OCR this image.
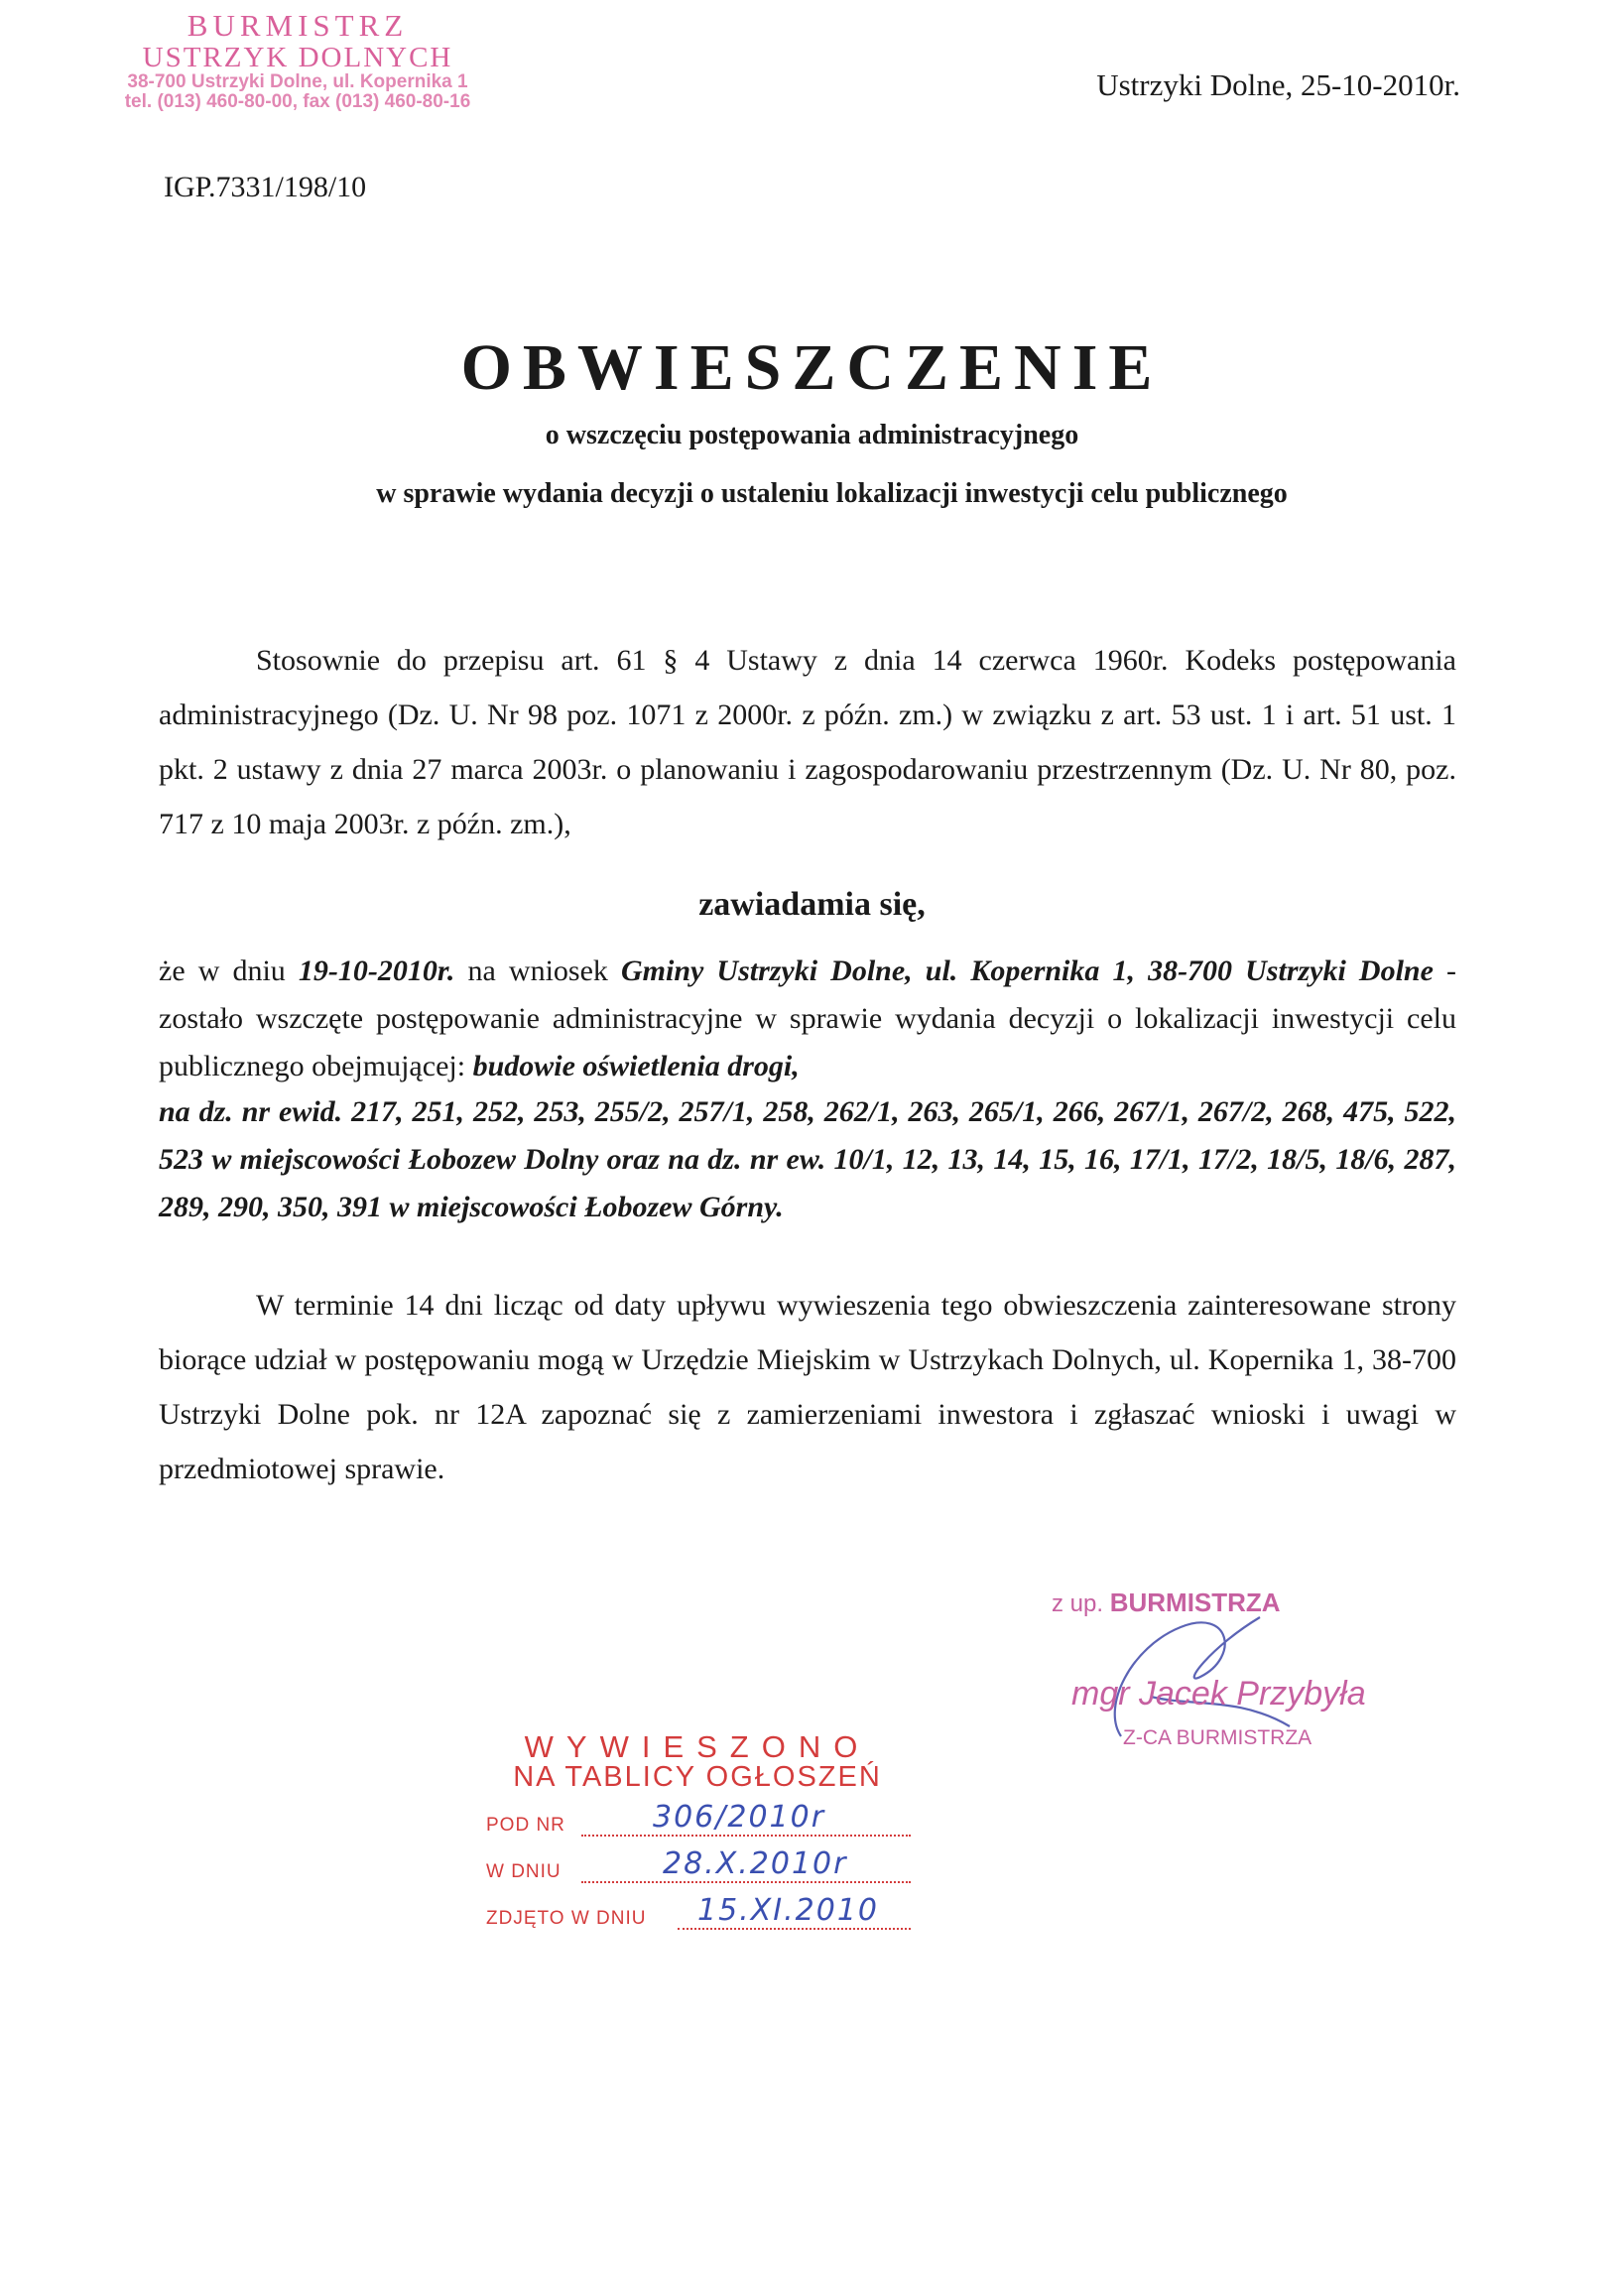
BURMISTRZ
USTRZYK DOLNYCH
38-700 Ustrzyki Dolne, ul. Kopernika 1
tel. (013) 460-80-00, fax (013) 460-80-16	Ustrzyki Dolne, 25-10-2010r.
IGP.7331/198/10
OBWIESZCZENIE
o wszczęciu postępowania administracyjnego
w sprawie wydania decyzji o ustaleniu lokalizacji inwestycji celu publicznego
Stosownie do przepisu art. 61 § 4 Ustawy z dnia 14 czerwca 1960r. Kodeks postępowania administracyjnego (Dz. U. Nr 98 poz. 1071 z 2000r. z późn. zm.) w związku z art. 53 ust. 1 i art. 51 ust. 1 pkt. 2 ustawy z dnia 27 marca 2003r. o planowaniu i zagospodarowaniu przestrzennym (Dz. U. Nr 80, poz. 717 z 10 maja 2003r. z późn. zm.),
zawiadamia się,
że w dniu 19-10-2010r. na wniosek Gminy Ustrzyki Dolne, ul. Kopernika 1, 38-700 Ustrzyki Dolne - zostało wszczęte postępowanie administracyjne w sprawie wydania decyzji o lokalizacji inwestycji celu publicznego obejmującej: budowie oświetlenia drogi,
na dz. nr ewid. 217, 251, 252, 253, 255/2, 257/1, 258, 262/1, 263, 265/1, 266, 267/1, 267/2, 268, 475, 522, 523 w miejscowości Łobozew Dolny oraz na dz. nr ew. 10/1, 12, 13, 14, 15, 16, 17/1, 17/2, 18/5, 18/6, 287, 289, 290, 350, 391 w miejscowości Łobozew Górny.
W terminie 14 dni licząc od daty upływu wywieszenia tego obwieszczenia zainteresowane strony biorące udział w postępowaniu mogą w Urzędzie Miejskim w Ustrzykach Dolnych, ul. Kopernika 1, 38-700 Ustrzyki Dolne pok. nr 12A zapoznać się z zamierzeniami inwestora i zgłaszać wnioski i uwagi w przedmiotowej sprawie.
z up. BURMISTRZA
mgr Jacek Przybyła
Z-CA BURMISTRZA
WYWIESZONO
NA TABLICY OGŁOSZEŃ
POD NR	306/2010r
W DNIU	28.X.2010r
ZDJĘTO W DNIU 15.XI.2010
